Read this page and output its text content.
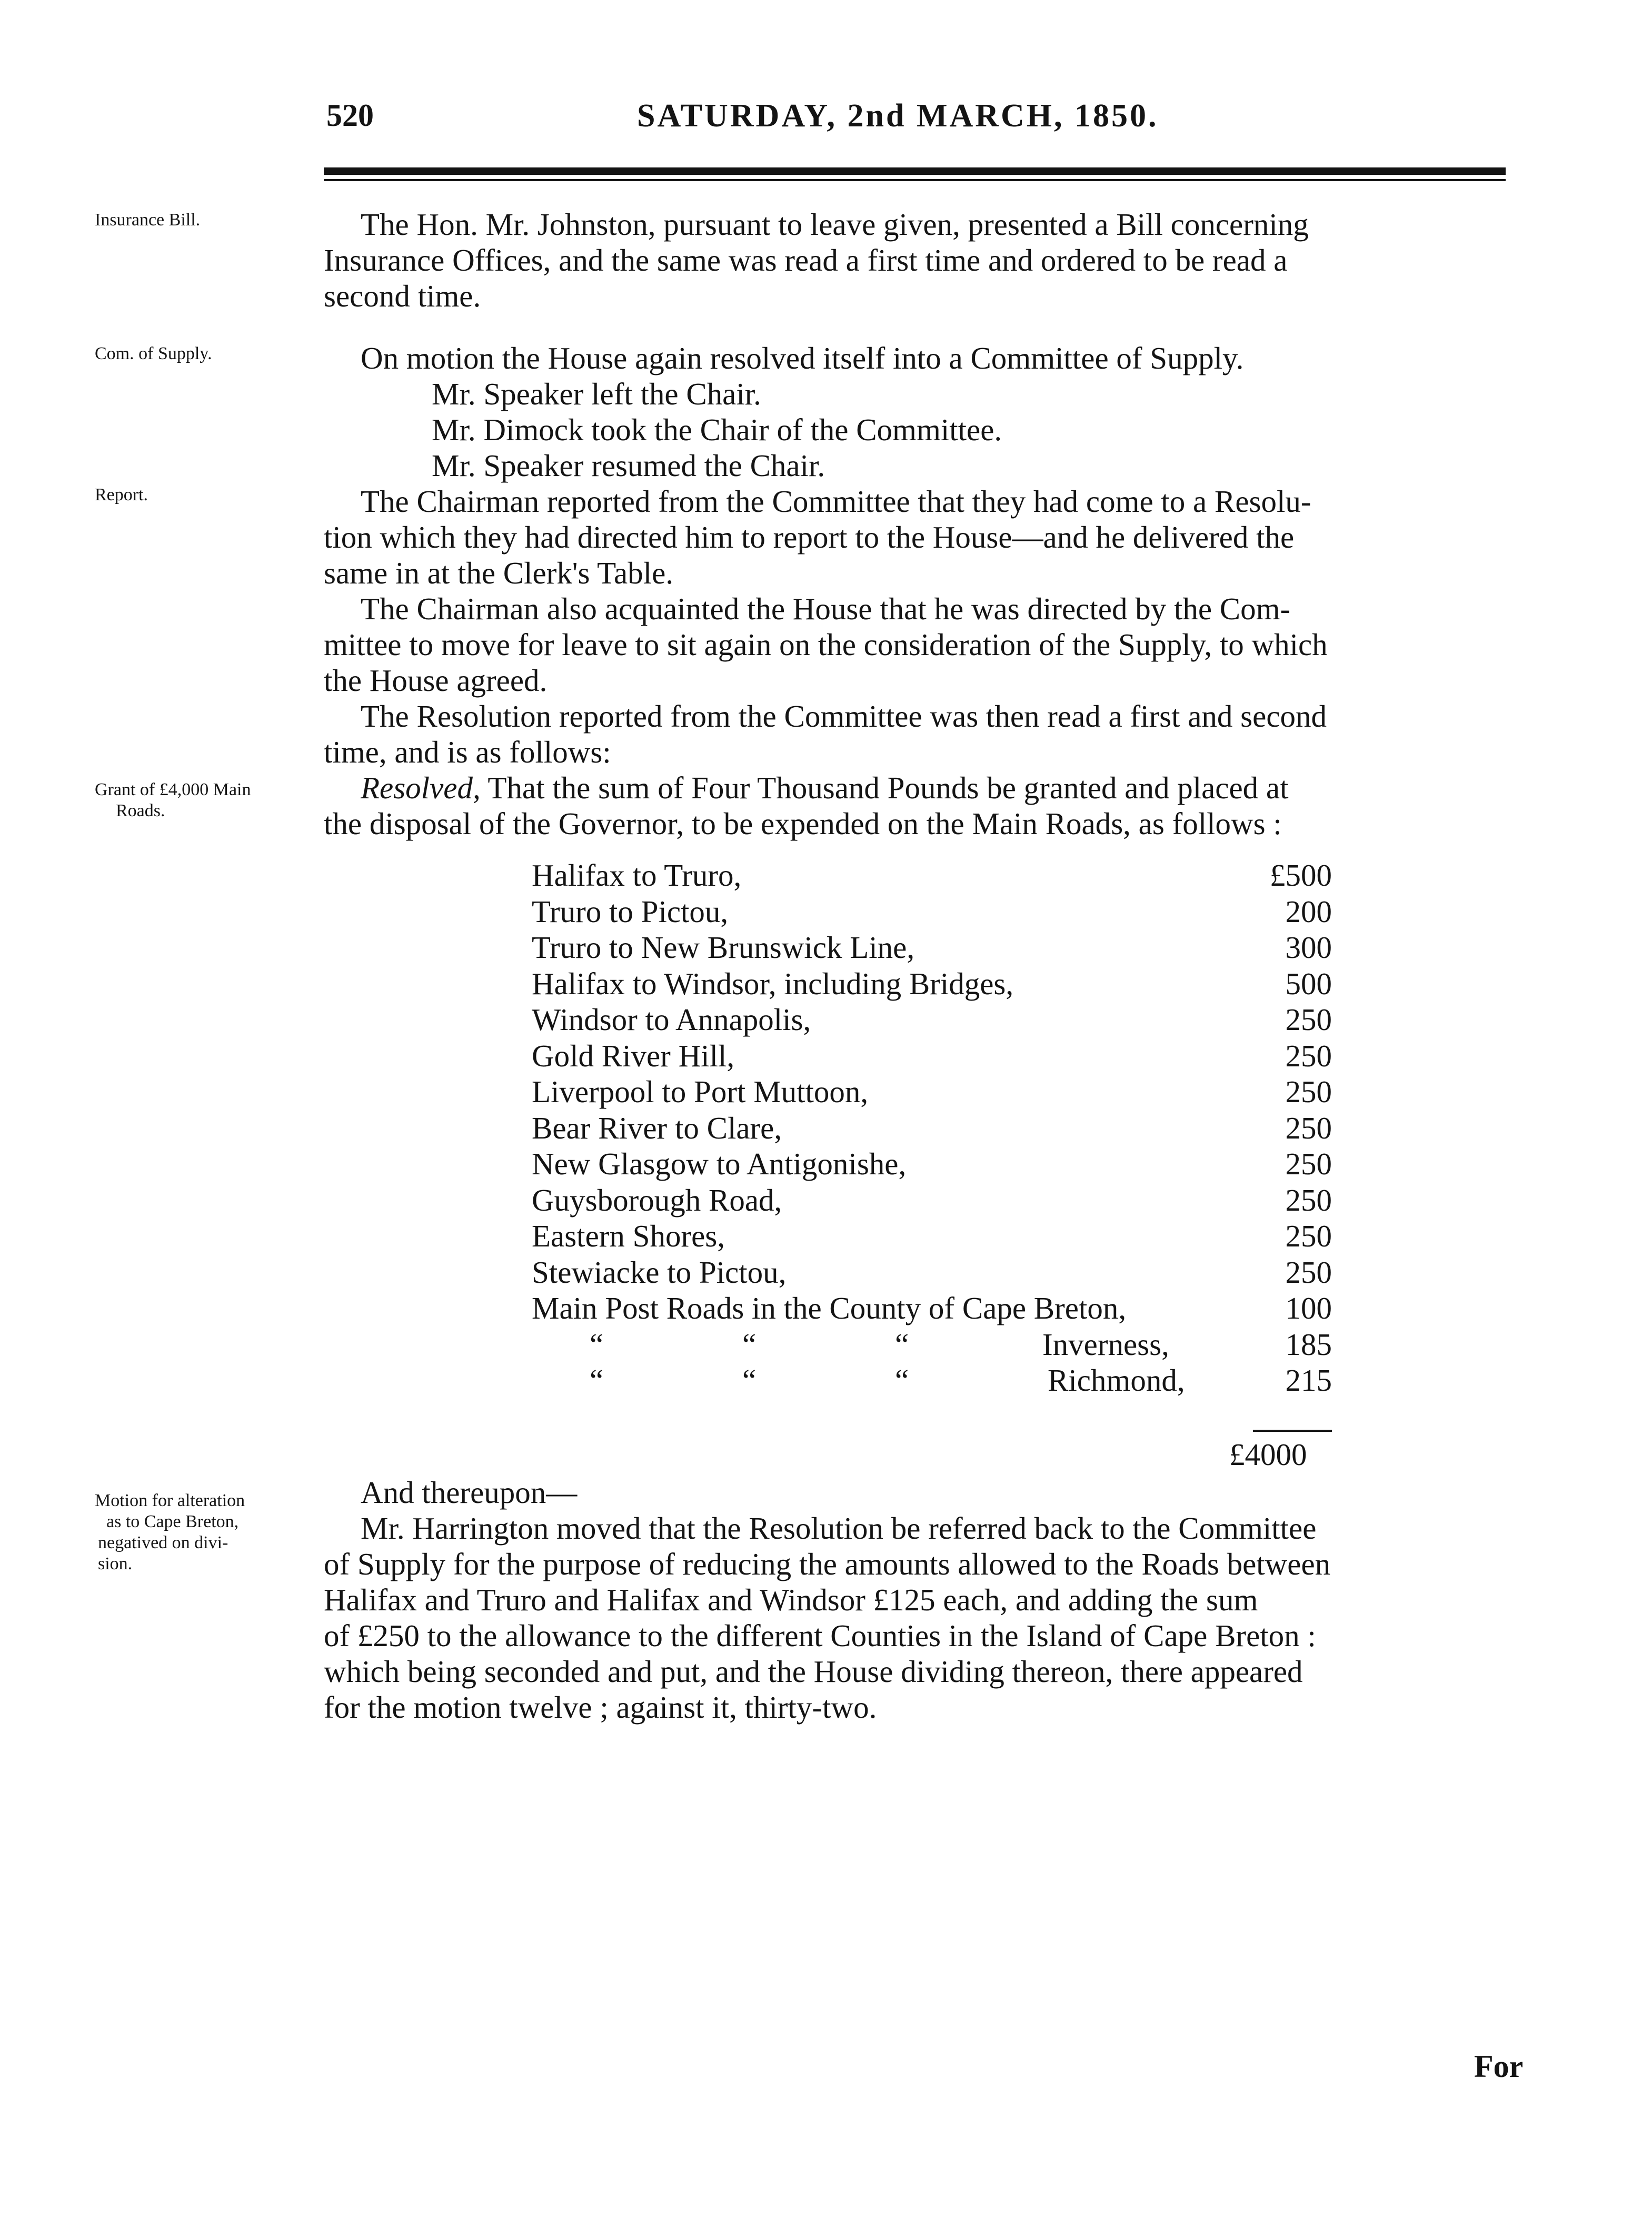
520	SATURDAY, 2nd MARCH, 1850.
Insurance Bill.
Com. of Supply.
Report.
Grant of £4,000 Main
Roads.
Motion for alteration
as to Cape Breton,
negatived on divi-
sion.
The Hon. Mr. Johnston, pursuant to leave given, presented a Bill concerning
Insurance Offices, and the same was read a first time and ordered to be read a
second time.
On motion the House again resolved itself into a Committee of Supply.
Mr. Speaker left the Chair.
Mr. Dimock took the Chair of the Committee.
Mr. Speaker resumed the Chair.
The Chairman reported from the Committee that they had come to a Resolu-
tion which they had directed him to report to the House—and he delivered the
same in at the Clerk's Table.
The Chairman also acquainted the House that he was directed by the Com-
mittee to move for leave to sit again on the consideration of the Supply, to which
the House agreed.
The Resolution reported from the Committee was then read a first and second
time, and is as follows:
Resolved, That the sum of Four Thousand Pounds be granted and placed at
the disposal of the Governor, to be expended on the Main Roads, as follows :
Halifax to Truro,	£500
Truro to Pictou,	200
Truro to New Brunswick Line,	300
Halifax to Windsor, including Bridges,	500
Windsor to Annapolis,	250
Gold River Hill,	250
Liverpool to Port Muttoon,	250
Bear River to Clare,	250
New Glasgow to Antigonishe,	250
Guysborough Road,	250
Eastern Shores,	250
Stewiacke to Pictou,	250
Main Post Roads in the County of Cape Breton,	100
“	“	“	Inverness,	185
“	“	“	Richmond,	215
£4000
And thereupon—
Mr. Harrington moved that the Resolution be referred back to the Committee
of Supply for the purpose of reducing the amounts allowed to the Roads between
Halifax and Truro and Halifax and Windsor £125 each, and adding the sum
of £250 to the allowance to the different Counties in the Island of Cape Breton :
which being seconded and put, and the House dividing thereon, there appeared
for the motion twelve ; against it, thirty-two.
For
